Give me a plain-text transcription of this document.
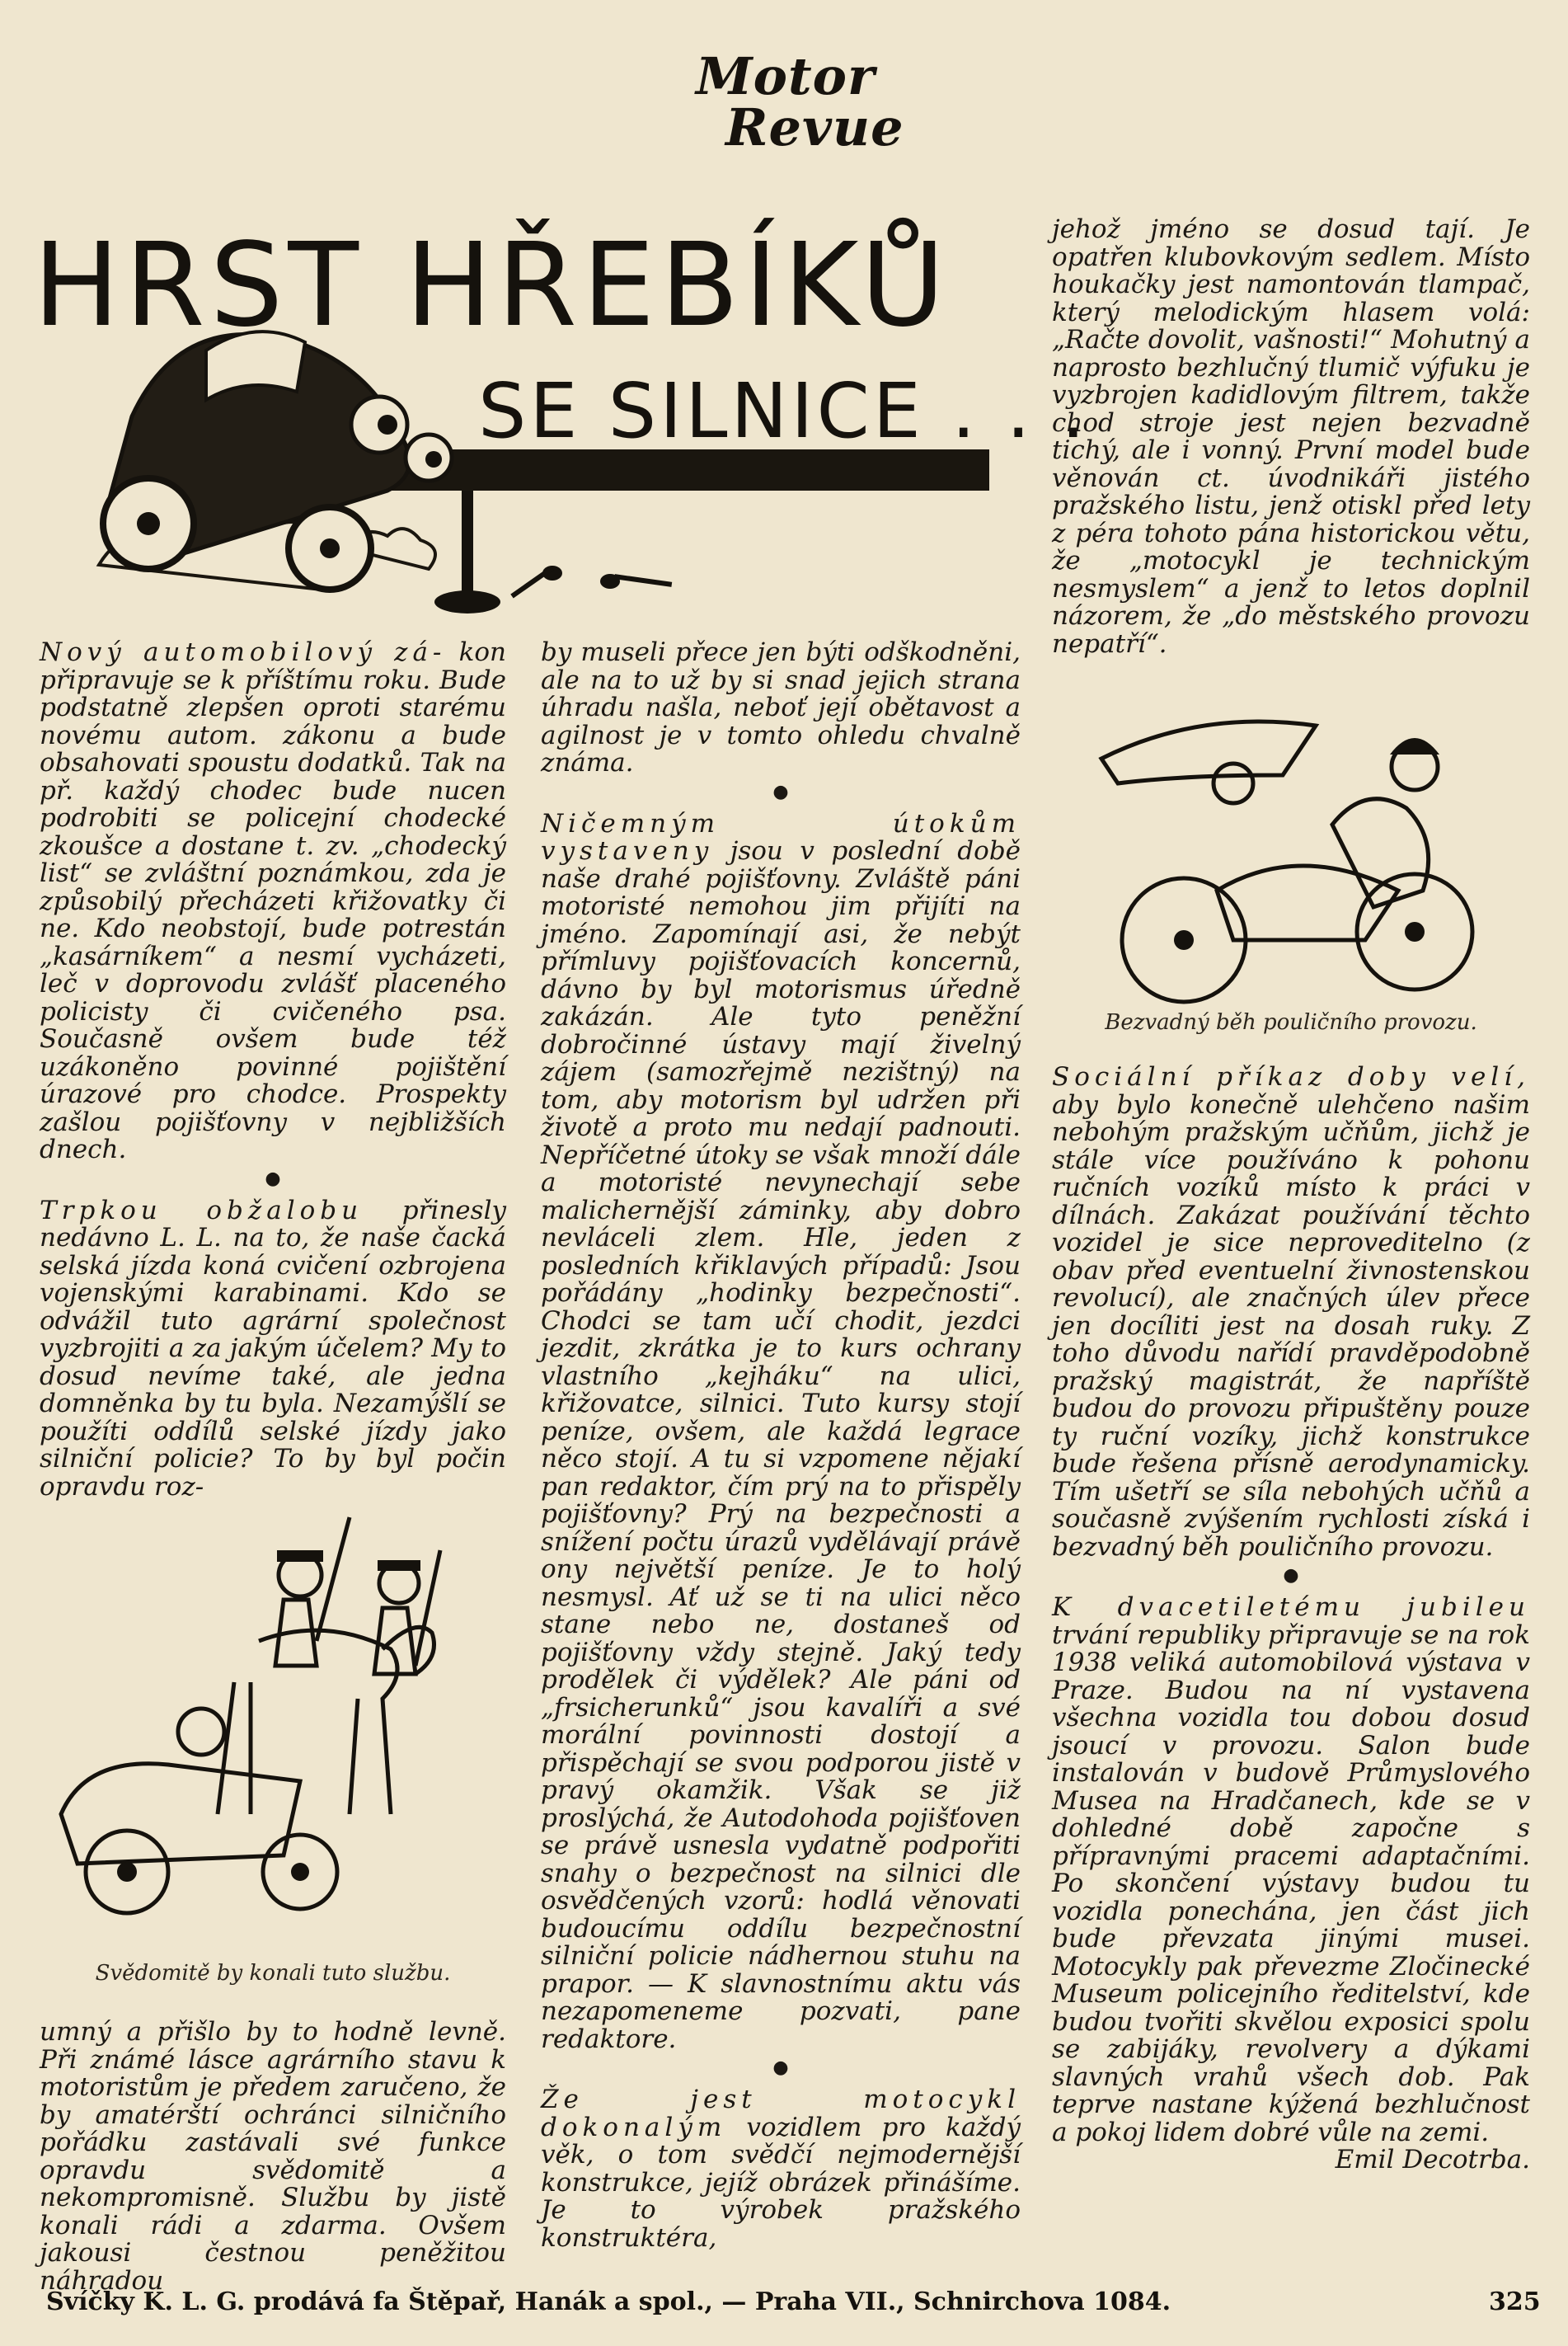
Motor
Revue
HRST HŘEBÍKŮ
SE SILNICE . . .

Nový automobilový zá- kon připravuje se k příštímu roku. Bude podstatně zlepšen oproti starému novému autom. zákonu a bude obsahovati spoustu dodatků. Tak na př. každý chodec bude nucen podrobiti se policejní chodecké zkoušce a dostane t. zv. „chodecký list“ se zvláštní poznámkou, zda je způsobilý přecházeti křižovatky či ne. Kdo neobstojí, bude potrestán „kasárníkem“ a nesmí vycházeti, leč v doprovodu zvlášť placeného policisty či cvičeného psa. Současně ovšem bude též uzákoněno povinné pojištění úrazové pro chodce. Prospekty zašlou pojišťovny v nejbližších dnech.

●

Trpkou obžalobu přinesly nedávno L. L. na to, že naše čacká selská jízda koná cvičení ozbrojena vojenskými karabinami. Kdo se odvážil tuto agrární společnost vyzbrojiti a za jakým účelem? My to dosud nevíme také, ale jedna domněnka by tu byla. Nezamýšlí se použíti oddílů selské jízdy jako silniční policie? To by byl počin opravdu roz-

Svědomitě by konali tuto službu.

umný a přišlo by to hodně levně. Při známé lásce agrárního stavu k motoristům je předem zaručeno, že by amatérští ochránci silničního pořádku zastávali své funkce opravdu svědomitě a nekompromisně. Službu by jistě konali rádi a zdarma. Ovšem jakousi čestnou peněžitou náhradou

by museli přece jen býti odškodněni, ale na to už by si snad jejich strana úhradu našla, neboť její obětavost a agilnost je v tomto ohledu chvalně známa.

●

Ničemným útokům vystaveny jsou v poslední době naše drahé pojišťovny. Zvláště páni motoristé nemohou jim přijíti na jméno. Zapomínají asi, že nebýt přímluvy pojišťovacích koncernů, dávno by byl motorismus úředně zakázán. Ale tyto peněžní dobročinné ústavy mají živelný zájem (samozřejmě nezištný) na tom, aby motorism byl udržen při životě a proto mu nedají padnouti. Nepříčetné útoky se však množí dále a motoristé nevynechají sebe malichernější záminky, aby dobro nevláceli zlem. Hle, jeden z posledních křiklavých případů: Jsou pořádány „hodinky bezpečnosti“. Chodci se tam učí chodit, jezdci jezdit, zkrátka je to kurs ochrany vlastního „kejháku“ na ulici, křižovatce, silnici. Tuto kursy stojí peníze, ovšem, ale každá legrace něco stojí. A tu si vzpomene nějakí pan redaktor, čím prý na to přispěly pojišťovny? Prý na bezpečnosti a snížení počtu úrazů vydělávají právě ony největší peníze. Je to holý nesmysl. Ať už se ti na ulici něco stane nebo ne, dostaneš od pojišťovny vždy stejně. Jaký tedy prodělek či výdělek? Ale páni od „frsicherunků“ jsou kavalíři a své morální povinnosti dostojí a přispěchají se svou podporou jistě v pravý okamžik. Však se již proslýchá, že Autodohoda pojišťoven se právě usnesla vydatně podpořiti snahy o bezpečnost na silnici dle osvědčených vzorů: hodlá věnovati budoucímu oddílu bezpečnostní silniční policie nádhernou stuhu na prapor. — K slavnostnímu aktu vás nezapomeneme pozvati, pane redaktore.

●

Že jest motocykl dokonalým vozidlem pro každý věk, o tom svědčí nejmodernější konstrukce, jejíž obrázek přinášíme. Je to výrobek pražského konstruktéra,

jehož jméno se dosud tají. Je opatřen klubovkovým sedlem. Místo houkačky jest namontován tlampač, který melodickým hlasem volá: „Račte dovolit, vašnosti!“ Mohutný a naprosto bezhlučný tlumič výfuku je vyzbrojen kadidlovým filtrem, takže chod stroje jest nejen bezvadně tichý, ale i vonný. První model bude věnován ct. úvodnikáři jistého pražského listu, jenž otiskl před lety z péra tohoto pána historickou větu, že „motocykl je technickým nesmyslem“ a jenž to letos doplnil názorem, že „do městského provozu nepatří“.

Bezvadný běh pouličního provozu.

Sociální příkaz doby velí, aby bylo konečně ulehčeno našim nebohým pražským učňům, jichž je stále více používáno k pohonu ručních vozíků místo k práci v dílnách. Zakázat používání těchto vozidel je sice neproveditelno (z obav před eventuelní živnostenskou revolucí), ale značných úlev přece jen docíliti jest na dosah ruky. Z toho důvodu nařídí pravděpodobně pražský magistrát, že napříště budou do provozu připuštěny pouze ty ruční vozíky, jichž konstrukce bude řešena přísně aerodynamicky. Tím ušetří se síla nebohých učňů a současně zvýšením rychlosti získá i bezvadný běh pouličního provozu.

●

K dvacetiletému jubileu trvání republiky připravuje se na rok 1938 veliká automobilová výstava v Praze. Budou na ní vystavena všechna vozidla tou dobou dosud jsoucí v provozu. Salon bude instalován v budově Průmyslového Musea na Hradčanech, kde se v dohledné době započne s přípravnými pracemi adaptačními. Po skončení výstavy budou tu vozidla ponechána, jen část jich bude převzata jinými musei. Motocykly pak převezme Zločinecké Museum policejního ředitelství, kde budou tvořiti skvělou exposici spolu se zabijáky, revolvery a dýkami slavných vrahů všech dob. Pak teprve nastane kýžená bezhlučnost a pokoj lidem dobré vůle na zemi.

Emil Decotrba.

Svíčky K. L. G. prodává fa Štěpař, Hanák a spol., — Praha VII., Schnirchova 1084.	325
